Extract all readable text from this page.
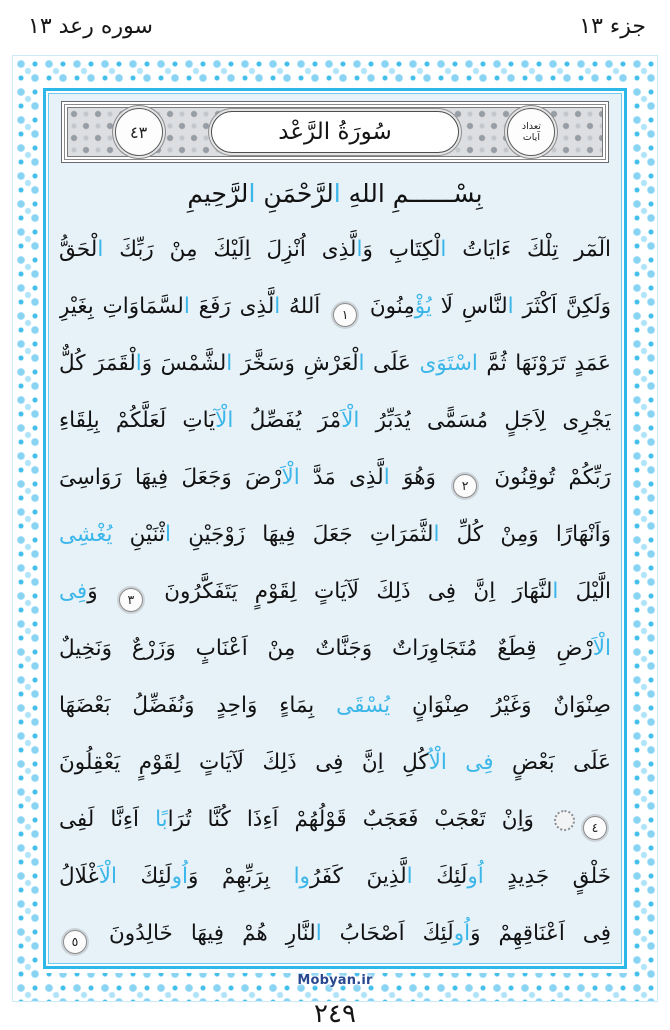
جزء ١٣
سوره رعد ١٣
تعداد
آيات
سُورَةُ الرَّعْد
٤٣
بِسْــــــمِ اللهِ الرَّحْمَنِ الرَّحِيمِ
الٓمٓر تِلْكَ ءَايَاتُ الْكِتَابِ وَالَّذِى اُنْزِلَ اِلَيْكَ مِنْ رَبِّكَ الْحَقُّ
وَلَكِنَّ اَكْثَرَ النَّاسِ لَا يُؤْمِنُونَ ١ اَللهُ الَّذِى رَفَعَ السَّمَاوَاتِ بِغَيْرِ
عَمَدٍ تَرَوْنَهَا ثُمَّ اسْتَوَى عَلَى الْعَرْشِ وَسَخَّرَ الشَّمْسَ وَالْقَمَرَ كُلٌّ
يَجْرِى لِاَجَلٍ مُسَمًّى يُدَبِّرُ الْاَمْرَ يُفَصِّلُ الْآيَاتِ لَعَلَّكُمْ بِلِقَاءِ
رَبِّكُمْ تُوقِنُونَ ٢ وَهُوَ الَّذِى مَدَّ الْاَرْضَ وَجَعَلَ فِيهَا رَوَاسِىَ
وَاَنْهَارًا وَمِنْ كُلِّ الثَّمَرَاتِ جَعَلَ فِيهَا زَوْجَيْنِ اثْنَيْنِ يُغْشِى
الَّيْلَ النَّهَارَ اِنَّ فِى ذَلِكَ لَآيَاتٍ لِقَوْمٍ يَتَفَكَّرُونَ ٣ وَفِى
الْاَرْضِ قِطَعٌ مُتَجَاوِرَاتٌ وَجَنَّاتٌ مِنْ اَعْنَابٍ وَزَرْعٌ وَنَخِيلٌ
صِنْوَانٌ وَغَيْرُ صِنْوَانٍ يُسْقَى بِمَاءٍ وَاحِدٍ وَنُفَضِّلُ بَعْضَهَا
عَلَى بَعْضٍ فِى الْاُكُلِ اِنَّ فِى ذَلِكَ لَآيَاتٍ لِقَوْمٍ يَعْقِلُونَ
٤ وَاِنْ تَعْجَبْ فَعَجَبٌ قَوْلُهُمْ اَءِذَا كُنَّا تُرَابًا اَءِنَّا لَفِى
خَلْقٍ جَدِيدٍ اُولَئِكَ الَّذِينَ كَفَرُوا بِرَبِّهِمْ وَاُولَئِكَ الْاَغْلَالُ
فِى اَعْنَاقِهِمْ وَاُولَئِكَ اَصْحَابُ النَّارِ هُمْ فِيهَا خَالِدُونَ ٥
Mobyan.ir
٢٤٩
